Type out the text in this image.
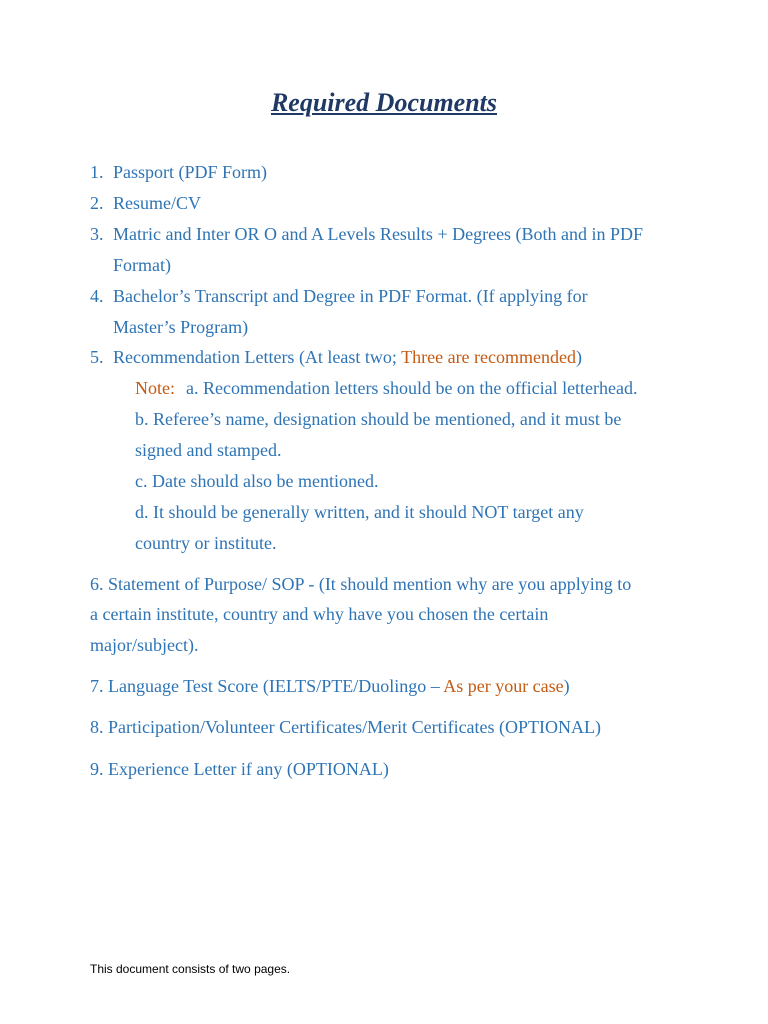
Required Documents
1. Passport (PDF Form)
2. Resume/CV
3. Matric and Inter OR O and A Levels Results + Degrees (Both and in PDF
Format)
4. Bachelor’s Transcript and Degree in PDF Format. (If applying for
Master’s Program)
5. Recommendation Letters (At least two; Three are recommended)
Note: a. Recommendation letters should be on the official letterhead.
b. Referee’s name, designation should be mentioned, and it must be
signed and stamped.
c. Date should also be mentioned.
d. It should be generally written, and it should NOT target any
country or institute.
6. Statement of Purpose/ SOP - (It should mention why are you applying to
a certain institute, country and why have you chosen the certain
major/subject).
7. Language Test Score (IELTS/PTE/Duolingo – As per your case)
8. Participation/Volunteer Certificates/Merit Certificates (OPTIONAL)
9. Experience Letter if any (OPTIONAL)
This document consists of two pages.
